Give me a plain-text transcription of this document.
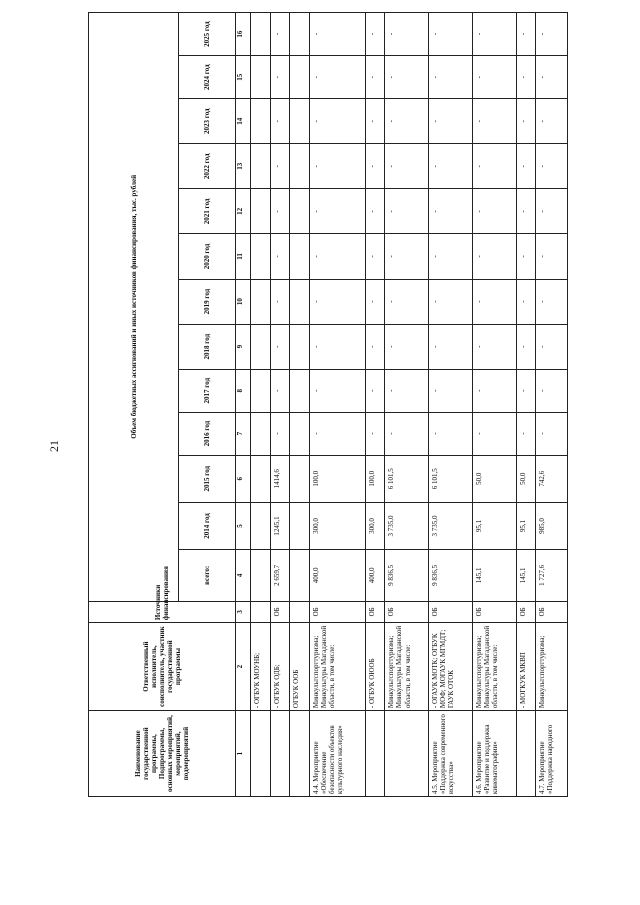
21
Наименование государственной программы, Подпрограммы, основных мероприятий, мероприятий, подмероприятий	Ответственный исполнитель, соисполнитель, участник государственной программы	Источники финансирования	Объем бюджетных ассигнований и иных источников финансирования, тыс. рублей												
			всего:	2014 год	2015 год	2016 год	2017 год	2018 год	2019 год	2020 год	2021 год	2022 год	2023 год	2024 год	2025 год
1	2	3	4	5	6	7	8	9	10	11	12	13	14	15	16
	- ОГБУК МОУНБ;														
	- ОГБУК ОДБ;	ОБ	2 659,7	1245,1	1414,6	-	-	-	-	-	-	-	-	-	-
	ОГБУК ООБ														
4.4. Мероприятие «Обеспечение безопасности объектов культурного наследия»	Минкультспорттуризма; Минкультуры Магаданской области, в том числе:	ОБ	400,0	300,0	100,0	-	-	-	-	-	-	-	-	-	-
	- ОГБУК ОЮОБ	ОБ	400,0	300,0	100,0	-	-	-	-	-	-	-	-	-	-
	Минкультспорттуризма; Минкультуры Магаданской области, в том числе:	ОБ	9 836,5	3 735,0	6 101,5	-	-	-	-	-	-	-	-	-	-
4.5. Мероприятие «Поддержка современного искусства»	- ОГАУК МОТК; ОГБУК МОФ; МОГАУК МГМДТ; ГАУК ОТОК	ОБ	9 836,5	3 735,0	6 101,5	-	-	-	-	-	-	-	-	-	-
4.6. Мероприятие «Развитие и поддержка кинематографии»	Минкультспорттуризма; Минкультуры Магаданской области, в том числе:	ОБ	145,1	95,1	50,0	-	-	-	-	-	-	-	-	-	-
	- МОГКУК МКВП	ОБ	145,1	95,1	50,0	-	-	-	-	-	-	-	-	-	-
4.7. Мероприятие «Поддержка народного	Минкультспорттуризма;	ОБ	1 727,6	985,0	742,6	-	-	-	-	-	-	-	-	-	-
